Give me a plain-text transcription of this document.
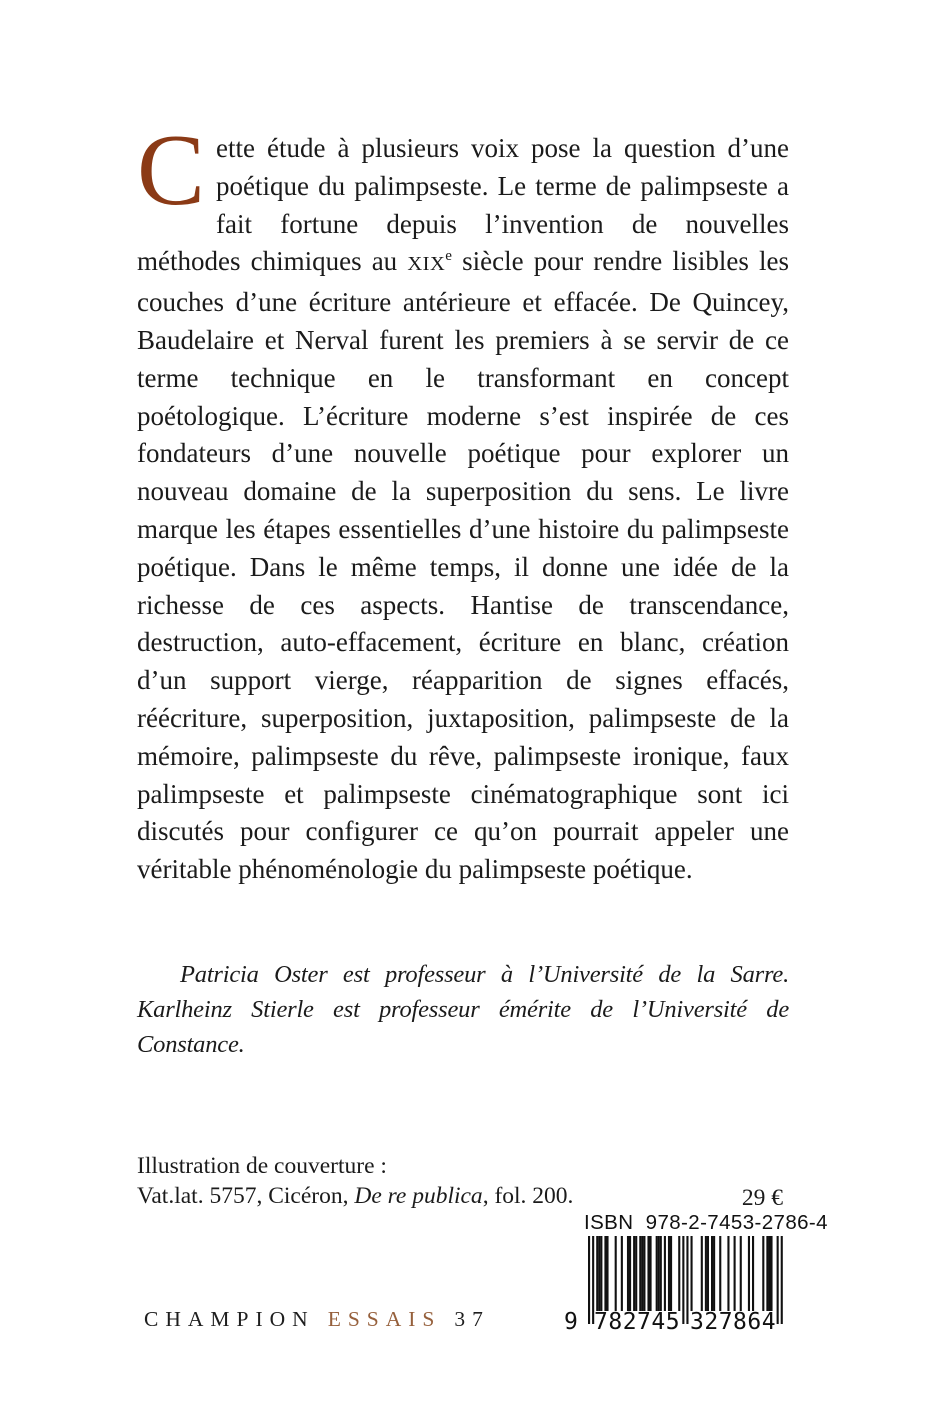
Cette étude à plusieurs voix pose la question d’une poétique du palimpseste. Le terme de palimpseste a fait fortune depuis l’invention de nouvelles méthodes chimiques au XIXe siècle pour rendre lisibles les couches d’une écriture antérieure et effacée. De Quincey, Baudelaire et Nerval furent les premiers à se servir de ce terme technique en le transformant en concept poétologique. L’écriture moderne s’est inspirée de ces fondateurs d’une nouvelle poétique pour explorer un nouveau domaine de la superposition du sens. Le livre marque les étapes essentielles d’une histoire du palimpseste poétique. Dans le même temps, il donne une idée de la richesse de ces aspects. Hantise de transcendance, destruction, auto-effacement, écriture en blanc, création d’un support vierge, réapparition de signes effacés, réécriture, superposition, juxtaposition, palimpseste de la mémoire, palimpseste du rêve, palimpseste ironique, faux palimpseste et palimpseste cinématographique sont ici discutés pour configurer ce qu’on pourrait appeler une véritable phénoménologie du palimpseste poétique.

Patricia Oster est professeur à l’Université de la Sarre. Karlheinz Stierle est professeur émérite de l’Université de Constance.

Illustration de couverture :
Vat.lat. 5757, Cicéron, De re publica, fol. 200.	29 €
ISBN  978-2-7453-2786-4
9 782745 327864
CHAMPION ESSAIS 37
